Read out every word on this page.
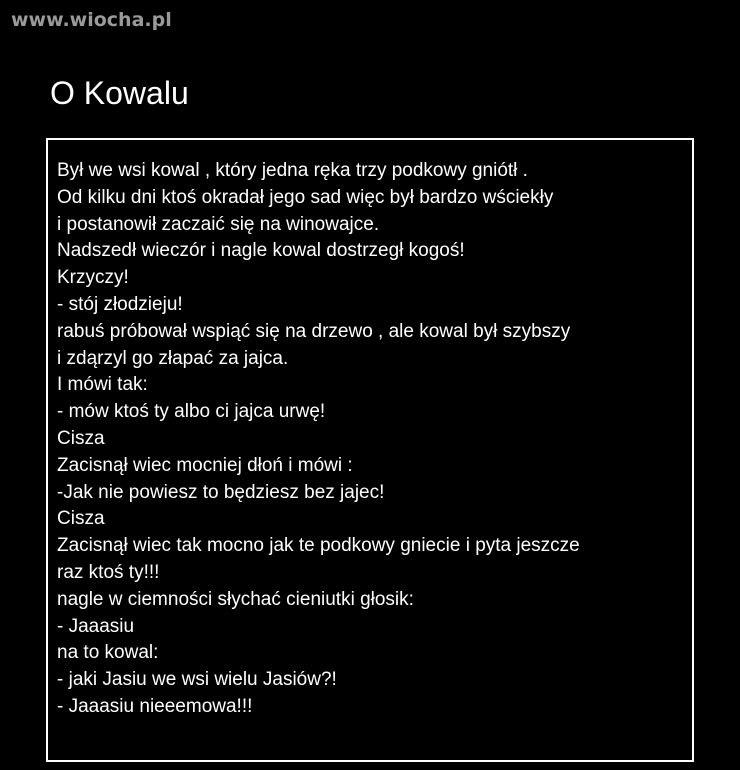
www.wiocha.pl
O Kowalu
Był we wsi kowal , który jedna ręka trzy podkowy gniótł .
Od kilku dni ktoś okradał jego sad więc był bardzo wściekły
i postanowił zaczaić się na winowajce.
Nadszedł wieczór i nagle kowal dostrzegł kogoś!
Krzyczy!
- stój złodzieju!
rabuś próbował wspiąć się na drzewo , ale kowal był szybszy
i zdąrzyl go złapać za jajca.
I mówi tak:
- mów ktoś ty albo ci jajca urwę!
Cisza
Zacisnął wiec mocniej dłoń i mówi :
-Jak nie powiesz to będziesz bez jajec!
Cisza
Zacisnął wiec tak mocno jak te podkowy gniecie i pyta jeszcze
raz ktoś ty!!!
nagle w ciemności słychać cieniutki głosik:
- Jaaasiu
na to kowal:
- jaki Jasiu we wsi wielu Jasiów?!
- Jaaasiu nieeemowa!!!
